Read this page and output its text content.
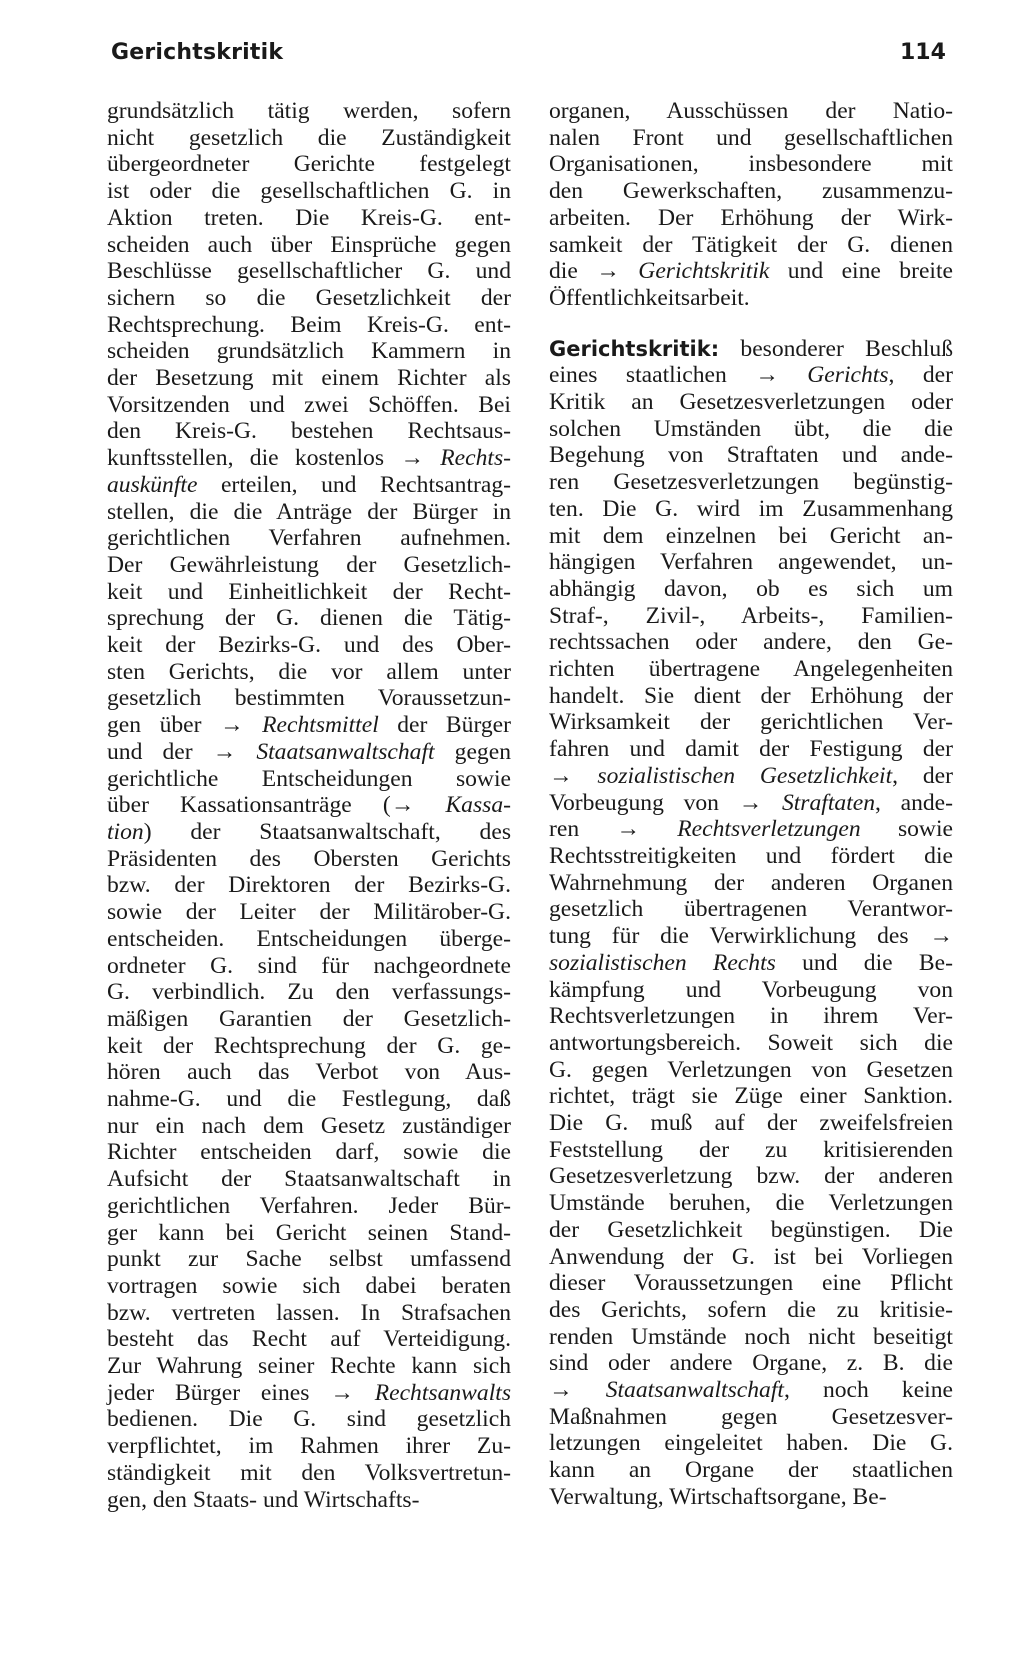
Gerichtskritik	114
grundsätzlich tätig werden, sofern
nicht gesetzlich die Zuständigkeit
übergeordneter Gerichte festgelegt
ist oder die gesellschaftlichen G. in
Aktion treten. Die Kreis-G. ent-
scheiden auch über Einsprüche gegen
Beschlüsse gesellschaftlicher G. und
sichern so die Gesetzlichkeit der
Rechtsprechung. Beim Kreis-G. ent-
scheiden grundsätzlich Kammern in
der Besetzung mit einem Richter als
Vorsitzenden und zwei Schöffen. Bei
den Kreis-G. bestehen Rechtsaus-
kunftsstellen, die kostenlos → Rechts-
auskünfte erteilen, und Rechtsantrag-
stellen, die die Anträge der Bürger in
gerichtlichen Verfahren aufnehmen.
Der Gewährleistung der Gesetzlich-
keit und Einheitlichkeit der Recht-
sprechung der G. dienen die Tätig-
keit der Bezirks-G. und des Ober-
sten Gerichts, die vor allem unter
gesetzlich bestimmten Voraussetzun-
gen über → Rechtsmittel der Bürger
und der → Staatsanwaltschaft gegen
gerichtliche Entscheidungen sowie
über Kassationsanträge (→ Kassa-
tion) der Staatsanwaltschaft, des
Präsidenten des Obersten Gerichts
bzw. der Direktoren der Bezirks-G.
sowie der Leiter der Militärober-G.
entscheiden. Entscheidungen überge-
ordneter G. sind für nachgeordnete
G. verbindlich. Zu den verfassungs-
mäßigen Garantien der Gesetzlich-
keit der Rechtsprechung der G. ge-
hören auch das Verbot von Aus-
nahme-G. und die Festlegung, daß
nur ein nach dem Gesetz zuständiger
Richter entscheiden darf, sowie die
Aufsicht der Staatsanwaltschaft in
gerichtlichen Verfahren. Jeder Bür-
ger kann bei Gericht seinen Stand-
punkt zur Sache selbst umfassend
vortragen sowie sich dabei beraten
bzw. vertreten lassen. In Strafsachen
besteht das Recht auf Verteidigung.
Zur Wahrung seiner Rechte kann sich
jeder Bürger eines → Rechtsanwalts
bedienen. Die G. sind gesetzlich
verpflichtet, im Rahmen ihrer Zu-
ständigkeit mit den Volksvertretun-
gen, den Staats- und Wirtschafts-
organen, Ausschüssen der Natio-
nalen Front und gesellschaftlichen
Organisationen, insbesondere mit
den Gewerkschaften, zusammenzu-
arbeiten. Der Erhöhung der Wirk-
samkeit der Tätigkeit der G. dienen
die → Gerichtskritik und eine breite
Öffentlichkeitsarbeit.
Gerichtskritik: besonderer Beschluß
eines staatlichen → Gerichts, der
Kritik an Gesetzesverletzungen oder
solchen Umständen übt, die die
Begehung von Straftaten und ande-
ren Gesetzesverletzungen begünstig-
ten. Die G. wird im Zusammenhang
mit dem einzelnen bei Gericht an-
hängigen Verfahren angewendet, un-
abhängig davon, ob es sich um
Straf-, Zivil-, Arbeits-, Familien-
rechtssachen oder andere, den Ge-
richten übertragene Angelegenheiten
handelt. Sie dient der Erhöhung der
Wirksamkeit der gerichtlichen Ver-
fahren und damit der Festigung der
→ sozialistischen Gesetzlichkeit, der
Vorbeugung von → Straftaten, ande-
ren → Rechtsverletzungen sowie
Rechtsstreitigkeiten und fördert die
Wahrnehmung der anderen Organen
gesetzlich übertragenen Verantwor-
tung für die Verwirklichung des →
sozialistischen Rechts und die Be-
kämpfung und Vorbeugung von
Rechtsverletzungen in ihrem Ver-
antwortungsbereich. Soweit sich die
G. gegen Verletzungen von Gesetzen
richtet, trägt sie Züge einer Sanktion.
Die G. muß auf der zweifelsfreien
Feststellung der zu kritisierenden
Gesetzesverletzung bzw. der anderen
Umstände beruhen, die Verletzungen
der Gesetzlichkeit begünstigen. Die
Anwendung der G. ist bei Vorliegen
dieser Voraussetzungen eine Pflicht
des Gerichts, sofern die zu kritisie-
renden Umstände noch nicht beseitigt
sind oder andere Organe, z. B. die
→ Staatsanwaltschaft, noch keine
Maßnahmen gegen Gesetzesver-
letzungen eingeleitet haben. Die G.
kann an Organe der staatlichen
Verwaltung, Wirtschaftsorgane, Be-
